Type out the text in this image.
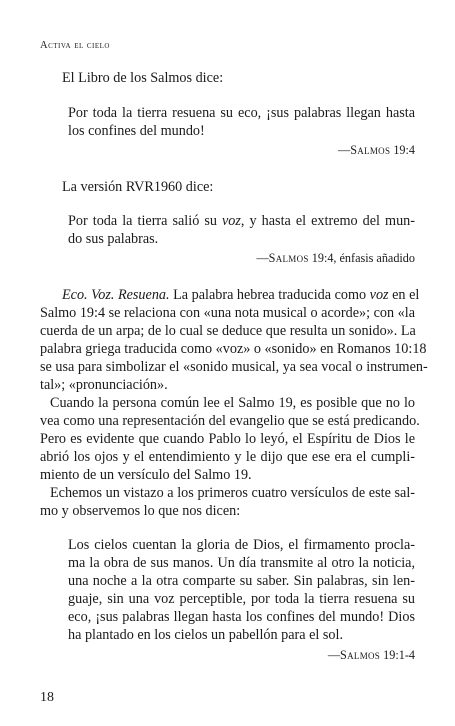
Activa el cielo
El Libro de los Salmos dice:
Por toda la tierra resuena su eco, ¡sus palabras llegan hasta
los confines del mundo!
—Salmos 19:4
La versión RVR1960 dice:
Por toda la tierra salió su voz, y hasta el extremo del mun-
do sus palabras.
—Salmos 19:4, énfasis añadido
Eco. Voz. Resuena. La palabra hebrea traducida como voz en el
Salmo 19:4 se relaciona con «una nota musical o acorde»; con «la
cuerda de un arpa; de lo cual se deduce que resulta un sonido». La
palabra griega traducida como «voz» o «sonido» en Romanos 10:18
se usa para simbolizar el «sonido musical, ya sea vocal o instrumen-
tal»; «pronunciación».
Cuando la persona común lee el Salmo 19, es posible que no lo
vea como una representación del evangelio que se está predicando.
Pero es evidente que cuando Pablo lo leyó, el Espíritu de Dios le
abrió los ojos y el entendimiento y le dijo que ese era el cumpli-
miento de un versículo del Salmo 19.
Echemos un vistazo a los primeros cuatro versículos de este sal-
mo y observemos lo que nos dicen:
Los cielos cuentan la gloria de Dios, el firmamento procla-
ma la obra de sus manos. Un día transmite al otro la noticia,
una noche a la otra comparte su saber. Sin palabras, sin len-
guaje, sin una voz perceptible, por toda la tierra resuena su
eco, ¡sus palabras llegan hasta los confines del mundo! Dios
ha plantado en los cielos un pabellón para el sol.
—Salmos 19:1-4
18
